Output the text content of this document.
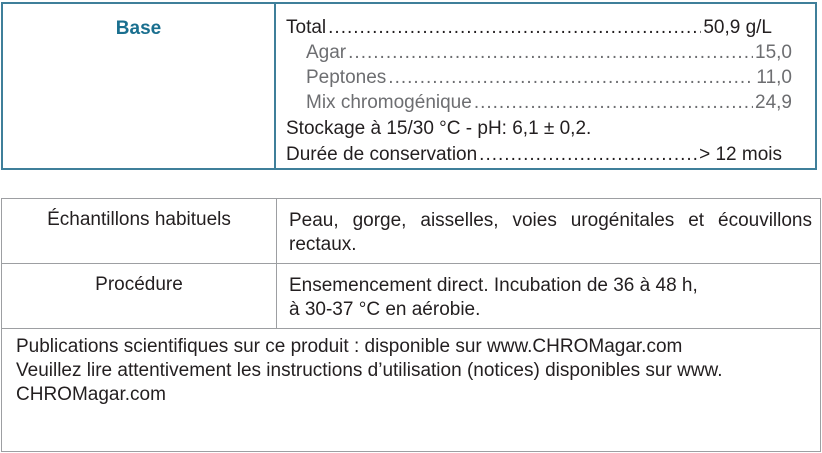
Base	Total .....	50,9 g/L
Agar .....	15,0
Peptones .....	11,0
Mix chromogénique .....	24,9
Stockage à 15/30 °C - pH: 6,1 ± 0,2.
Durée de conservation .....	> 12 mois
Échantillons habituels	Peau, gorge, aisselles, voies urogénitales et écouvillons rectaux.
Procédure	Ensemencement direct. Incubation de 36 à 48 h,
à 30-37 °C en aérobie.
Publications scientifiques sur ce produit : disponible sur www.CHROMagar.com
Veuillez lire attentivement les instructions d’utilisation (notices) disponibles sur www.
CHROMagar.com
